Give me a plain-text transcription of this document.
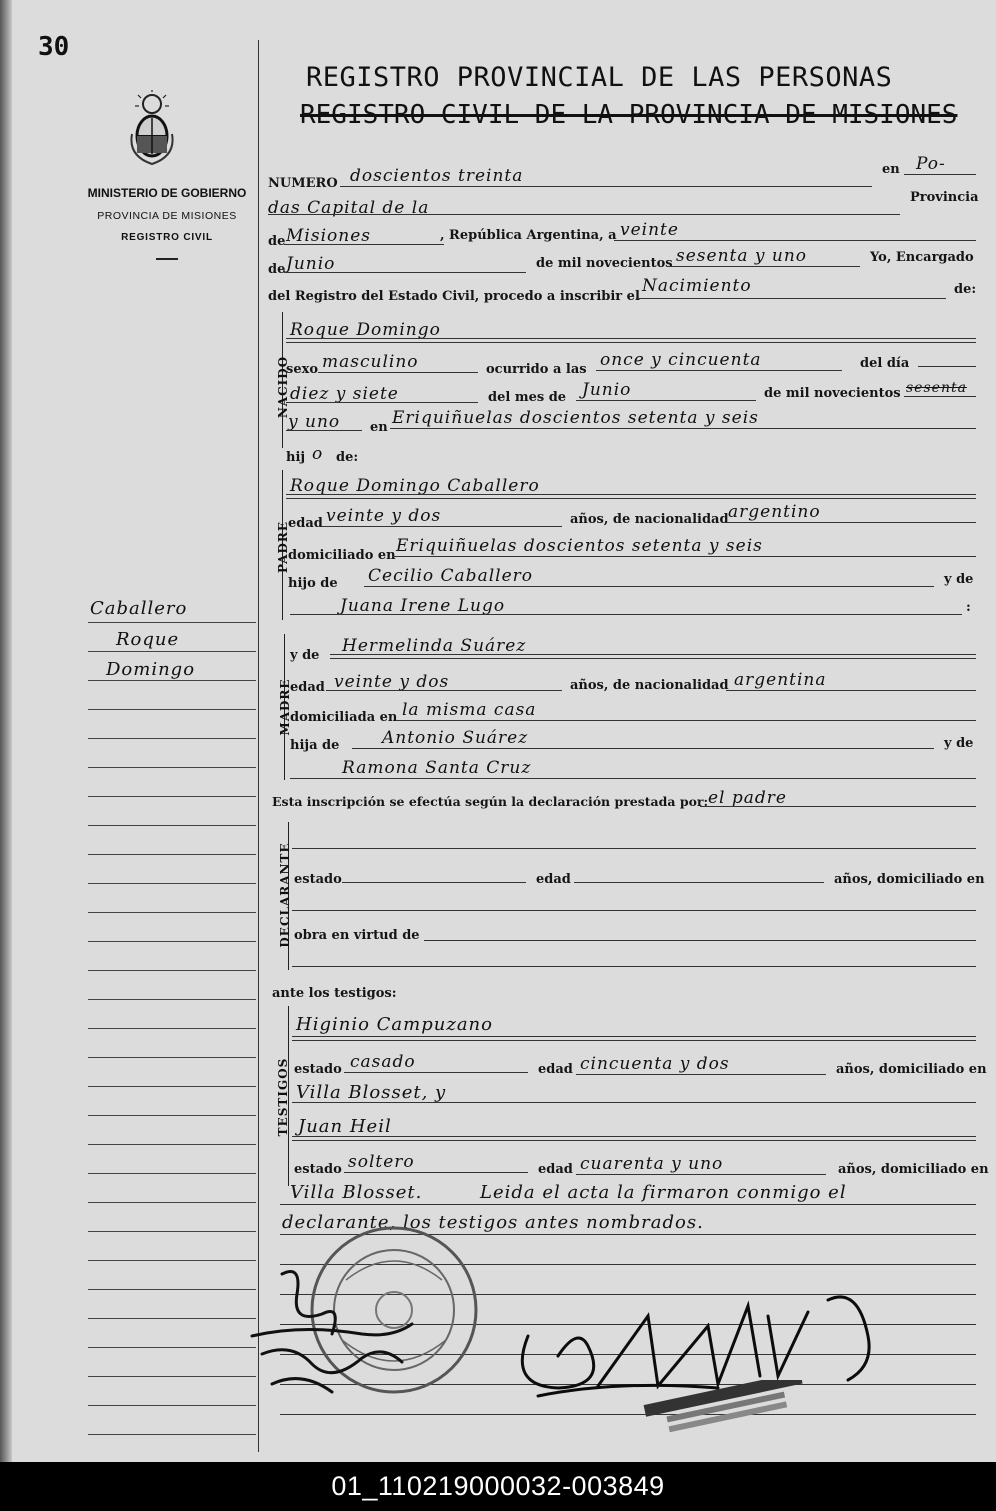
30
MINISTERIO DE GOBIERNO
PROVINCIA DE MISIONES
REGISTRO CIVIL
Caballero
Roque
Domingo
REGISTRO PROVINCIAL DE LAS PERSONAS
REGISTRO CIVIL DE LA PROVINCIA DE MISIONES
NUMERO doscientos treinta	en Po-
das Capital de la
Provincia
de Misiones	, República Argentina, a veinte
de Junio	de mil novecientos sesenta y uno	Yo, Encargado
del Registro del Estado Civil, procedo a inscribir el
Nacimiento	de:
NACIDO
Roque Domingo
sexo masculino	ocurrido a las once y cincuenta	del día
diez y siete	del mes de Junio	de mil novecientos sesenta
y uno en Eriquiñuelas doscientos setenta y seis
hij o de:
PADRE
Roque Domingo Caballero
edad veinte y dos	años, de nacionalidad argentino
domiciliado en Eriquiñuelas doscientos setenta y seis
hijo de Cecilio Caballero	y de
Juana Irene Lugo	:
MADRE
y de Hermelinda Suárez
edad veinte y dos	años, de nacionalidad argentina
domiciliada en la misma casa
hija de	Antonio Suárez	y de
Ramona Santa Cruz
Esta inscripción se efectúa según la declaración prestada por: el padre
DECLARANTE estado	edad	años, domiciliado en
obra en virtud de
ante los testigos:
TESTIGOS
Higinio Campuzano
estado casado	edad cincuenta y dos	años, domiciliado en
Villa Blosset, y
Juan Heil
estado soltero	edad cuarenta y uno	años, domiciliado en
Villa Blosset.	Leida el acta la firmaron conmigo el
declarante, los testigos antes nombrados.
01_110219000032-003849
